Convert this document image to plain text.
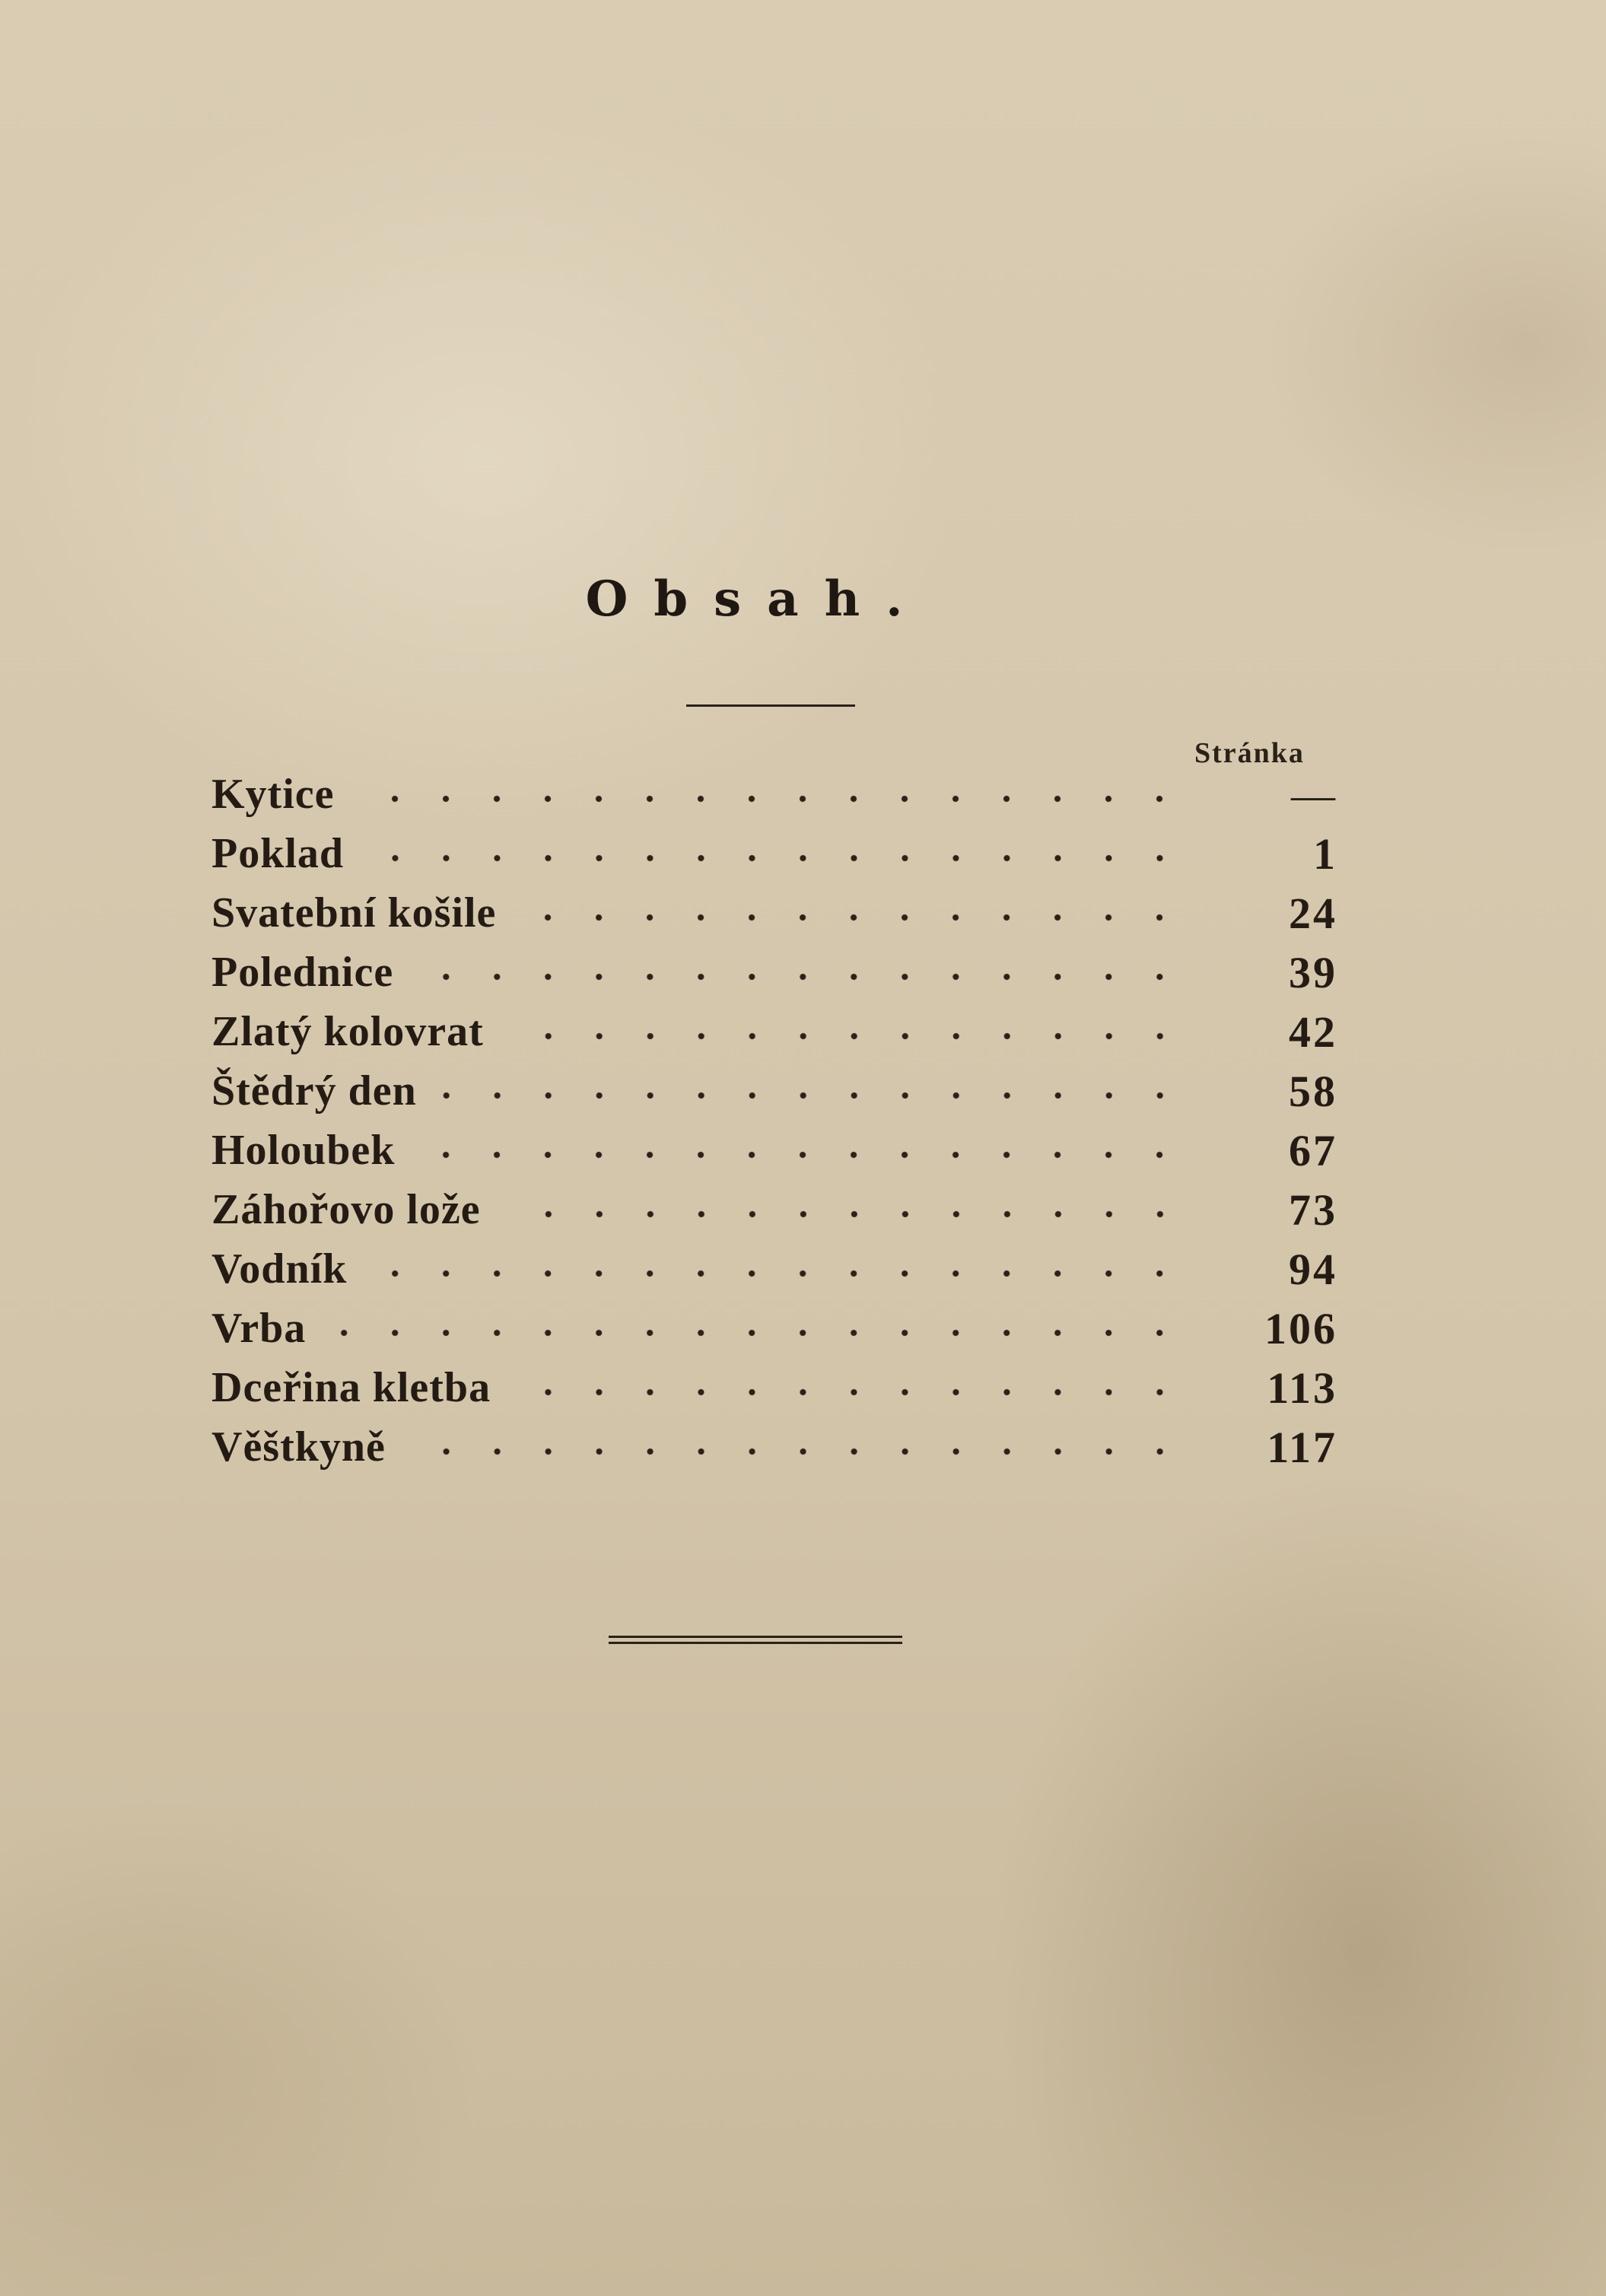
Obsah.
Stránka
Kytice	—
Poklad	1
Svatební košile	24
Polednice	39
Zlatý kolovrat	42
Štědrý den	58
Holoubek	67
Záhořovo lože	73
Vodník	94
Vrba	106
Dceřina kletba	113
Věštkyně	117
